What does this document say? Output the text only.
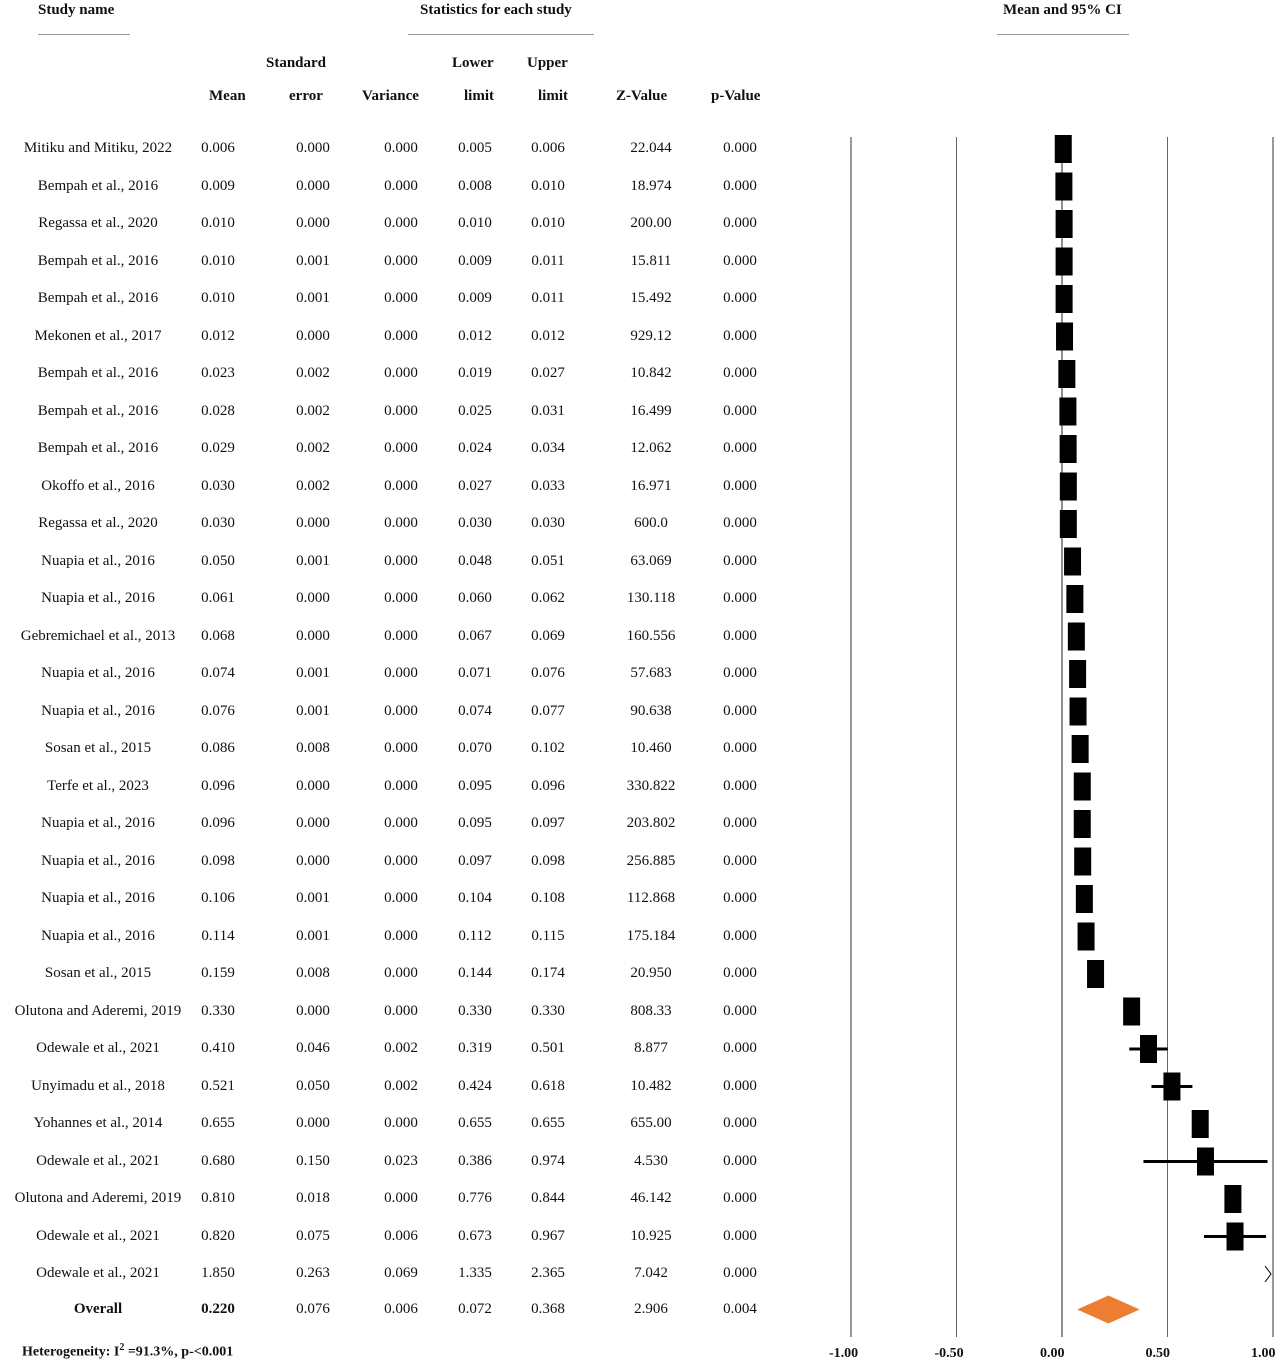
Study name	Statistics for each study	Mean and 95% CI
Standard	Lower Upper
Mean	error	Variance	limit	limit	Z-Value	p-Value
Mitiku and Mitiku, 2022	0.006	0.000	0.000	0.005	0.006	22.044	0.000
Bempah et al., 2016	0.009	0.000	0.000	0.008	0.010	18.974	0.000
Regassa et al., 2020	0.010	0.000	0.000	0.010	0.010	200.00	0.000
Bempah et al., 2016	0.010	0.001	0.000	0.009	0.011	15.811	0.000
Bempah et al., 2016	0.010	0.001	0.000	0.009	0.011	15.492	0.000
Mekonen et al., 2017	0.012	0.000	0.000	0.012	0.012	929.12	0.000
Bempah et al., 2016	0.023	0.002	0.000	0.019	0.027	10.842	0.000
Bempah et al., 2016	0.028	0.002	0.000	0.025	0.031	16.499	0.000
Bempah et al., 2016	0.029	0.002	0.000	0.024	0.034	12.062	0.000
Okoffo et al., 2016	0.030	0.002	0.000	0.027	0.033	16.971	0.000
Regassa et al., 2020	0.030	0.000	0.000	0.030	0.030	600.0	0.000
Nuapia et al., 2016	0.050	0.001	0.000	0.048	0.051	63.069	0.000
Nuapia et al., 2016	0.061	0.000	0.000	0.060	0.062	130.118	0.000
Gebremichael et al., 2013	0.068	0.000	0.000	0.067	0.069	160.556	0.000
Nuapia et al., 2016	0.074	0.001	0.000	0.071	0.076	57.683	0.000
Nuapia et al., 2016	0.076	0.001	0.000	0.074	0.077	90.638	0.000
Sosan et al., 2015	0.086	0.008	0.000	0.070	0.102	10.460	0.000
Terfe et al., 2023	0.096	0.000	0.000	0.095	0.096	330.822	0.000
Nuapia et al., 2016	0.096	0.000	0.000	0.095	0.097	203.802	0.000
Nuapia et al., 2016	0.098	0.000	0.000	0.097	0.098	256.885	0.000
Nuapia et al., 2016	0.106	0.001	0.000	0.104	0.108	112.868	0.000
Nuapia et al., 2016	0.114	0.001	0.000	0.112	0.115	175.184	0.000
Sosan et al., 2015	0.159	0.008	0.000	0.144	0.174	20.950	0.000
Olutona and Aderemi, 2019	0.330	0.000	0.000	0.330	0.330	808.33	0.000
Odewale et al., 2021	0.410	0.046	0.002	0.319	0.501	8.877	0.000
Unyimadu et al., 2018	0.521	0.050	0.002	0.424	0.618	10.482	0.000
Yohannes et al., 2014	0.655	0.000	0.000	0.655	0.655	655.00	0.000
Odewale et al., 2021	0.680	0.150	0.023	0.386	0.974	4.530	0.000
Olutona and Aderemi, 2019	0.810	0.018	0.000	0.776	0.844	46.142	0.000
Odewale et al., 2021	0.820	0.075	0.006	0.673	0.967	10.925	0.000
Odewale et al., 2021	1.850	0.263	0.069	1.335	2.365	7.042	0.000
Overall	0.220	0.076	0.006	0.072	0.368	2.906	0.004
-1.00	-0.50	0.00	0.50	1.00
Heterogeneity: $I^2 =91.3\%$, p-<0.001
